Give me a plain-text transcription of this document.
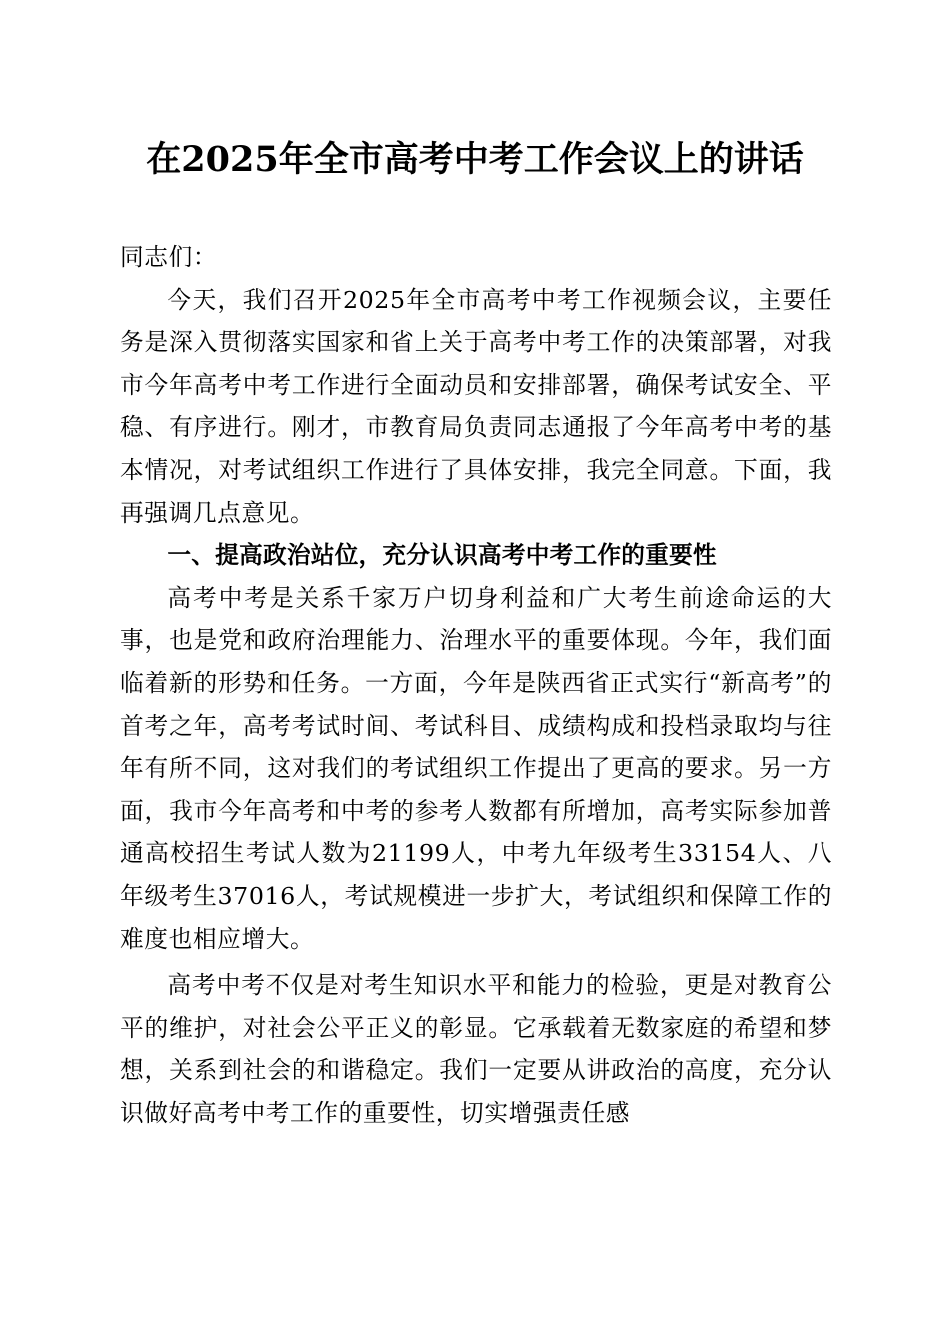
在2025年全市高考中考工作会议上的讲话

同志们：

今天，我们召开2025年全市高考中考工作视频会议，主要任务是深入贯彻落实国家和省上关于高考中考工作的决策部署，对我市今年高考中考工作进行全面动员和安排部署，确保考试安全、平稳、有序进行。刚才，市教育局负责同志通报了今年高考中考的基本情况，对考试组织工作进行了具体安排，我完全同意。下面，我再强调几点意见。

一、提高政治站位，充分认识高考中考工作的重要性

高考中考是关系千家万户切身利益和广大考生前途命运的大事，也是党和政府治理能力、治理水平的重要体现。今年，我们面临着新的形势和任务。一方面，今年是陕西省正式实行“新高考”的首考之年，高考考试时间、考试科目、成绩构成和投档录取均与往年有所不同，这对我们的考试组织工作提出了更高的要求。另一方面，我市今年高考和中考的参考人数都有所增加，高考实际参加普通高校招生考试人数为21199人，中考九年级考生33154人、八年级考生37016人，考试规模进一步扩大，考试组织和保障工作的难度也相应增大。

高考中考不仅是对考生知识水平和能力的检验，更是对教育公平的维护，对社会公平正义的彰显。它承载着无数家庭的希望和梦想，关系到社会的和谐稳定。我们一定要从讲政治的高度，充分认识做好高考中考工作的重要性，切实增强责任感
